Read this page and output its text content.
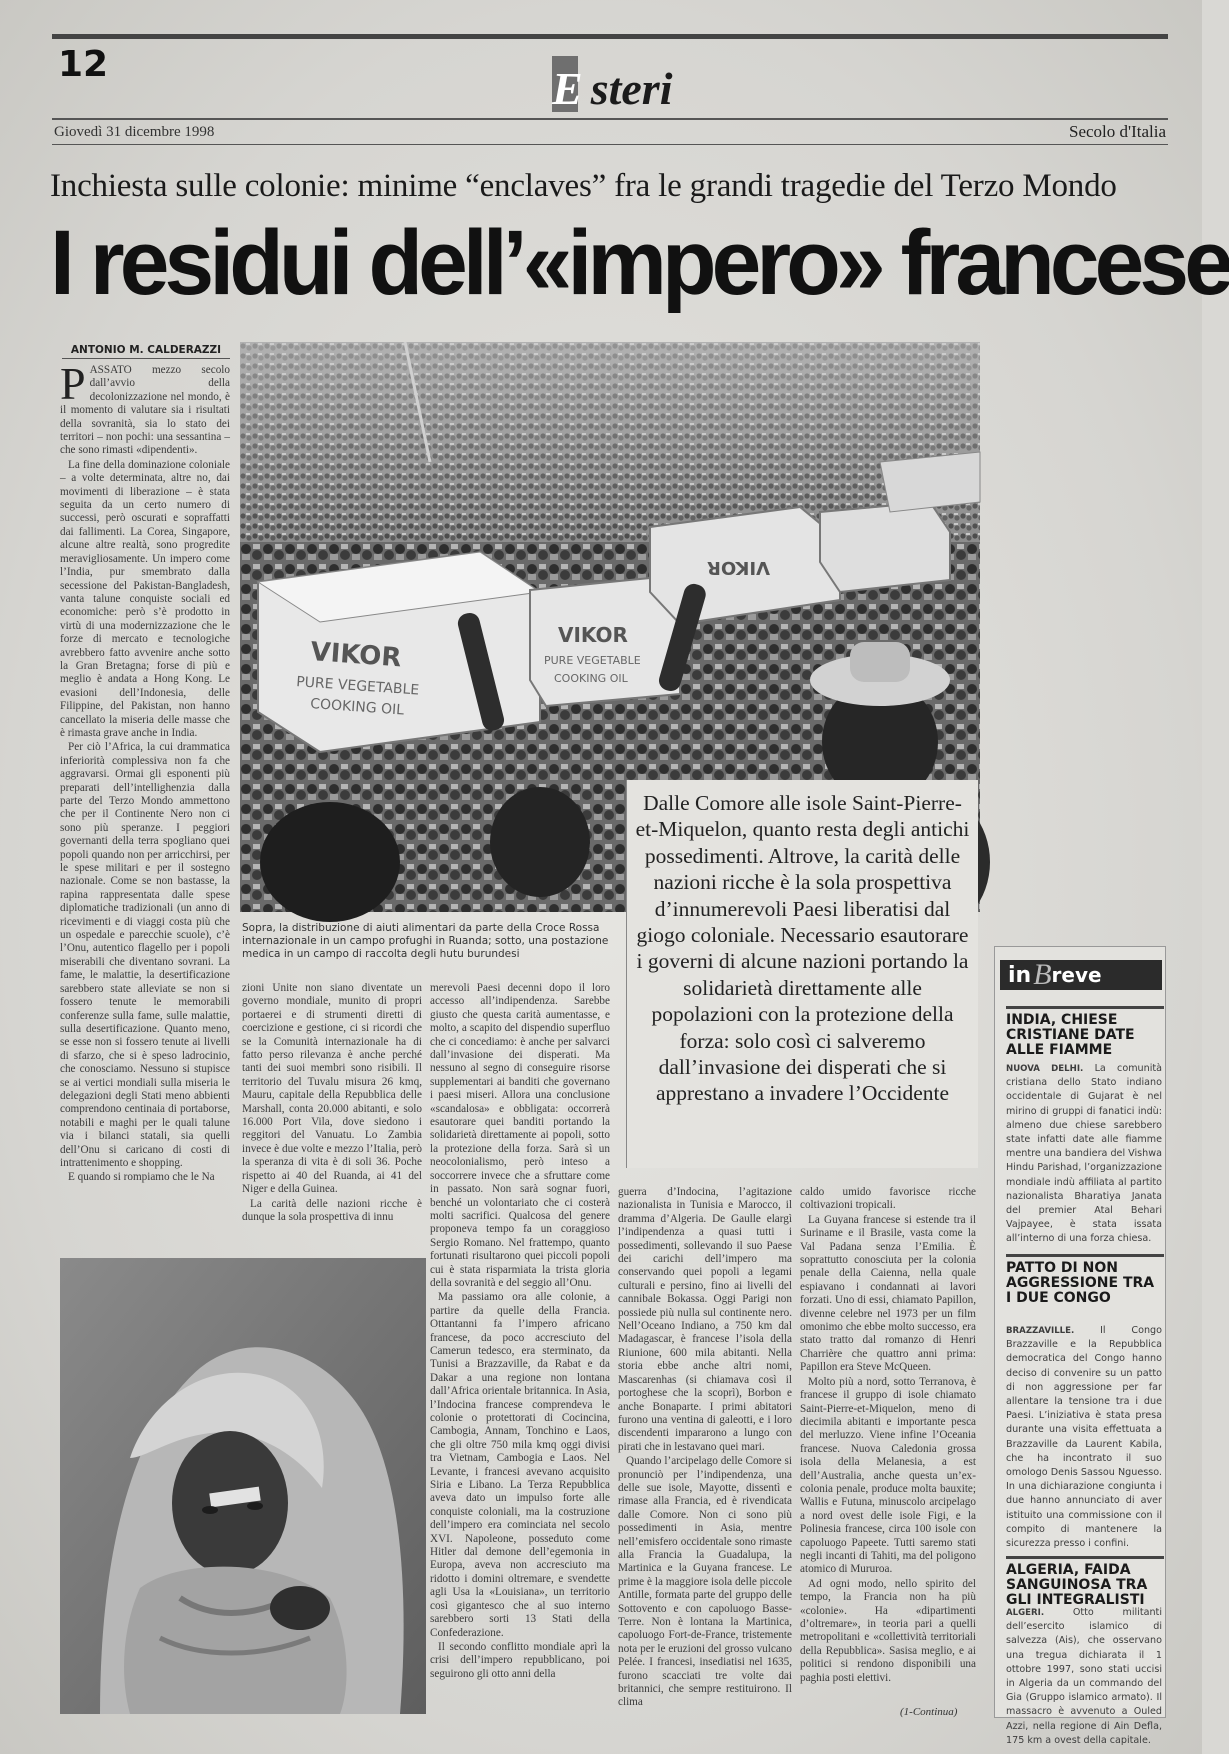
12	E steri
Giovedì 31 dicembre 1998	Secolo d'Italia
Inchiesta sulle colonie: minime “enclaves” fra le grandi tragedie del Terzo Mondo
I residui dell’«impero» francese
ANTONIO M. CALDERAZZI
P ASSATO mezzo secolo dall’avvio della decolonizzazione nel mondo, è il momento di valutare sia i risultati della sovranità, sia lo stato dei territori – non pochi: una sessantina – che sono rimasti «dipendenti».

La fine della dominazione coloniale – a volte determinata, altre no, dai movimenti di liberazione – è stata seguita da un certo numero di successi, però oscurati e sopraffatti dai fallimenti. La Corea, Singapore, alcune altre realtà, sono progredite meravigliosamente. Un impero come l’India, pur smembrato dalla secessione del Pakistan-Bangladesh, vanta talune conquiste sociali ed economiche: però s’è prodotto in virtù di una modernizzazione che le forze di mercato e tecnologiche avrebbero fatto avvenire anche sotto la Gran Bretagna; forse di più e meglio è andata a Hong Kong. Le evasioni dell’Indonesia, delle Filippine, del Pakistan, non hanno cancellato la miseria delle masse che è rimasta grave anche in India.

Per ciò l’Africa, la cui drammatica inferiorità complessiva non fa che aggravarsi. Ormai gli esponenti più preparati dell’intellighenzia dalla parte del Terzo Mondo ammettono che per il Continente Nero non ci sono più speranze. I peggiori governanti della terra spogliano quei popoli quando non per arricchirsi, per le spese militari e per il sostegno nazionale. Come se non bastasse, la rapina rappresentata dalle spese diplomatiche tradizionali (un anno di ricevimenti e di viaggi costa più che un ospedale e parecchie scuole), c’è l’Onu, autentico flagello per i popoli miserabili che diventano sovrani. La fame, le malattie, la desertificazione sarebbero state alleviate se non si fossero tenute le memorabili conferenze sulla fame, sulle malattie, sulla desertificazione. Quanto meno, se esse non si fossero tenute ai livelli di sfarzo, che si è speso ladrocinio, che conosciamo. Nessuno si stupisce se ai vertici mondiali sulla miseria le delegazioni degli Stati meno abbienti comprendono centinaia di portaborse, notabili e maghi per le quali talune via i bilanci statali, sia quelli dell’Onu si caricano di costi di intrattenimento e shopping.

E quando si rompiamo che le Na

VIKOR
PURE VEGETABLE
COOKING OIL
VIKOR
PURE VEGETABLE
COOKING OIL
VIKOR
Sopra, la distribuzione di aiuti alimentari da parte della Croce Rossa internazionale in un campo profughi in Ruanda; sotto, una postazione medica in un campo di raccolta degli hutu burundesi
Dalle Comore alle isole Saint-Pierre-et-Miquelon, quanto resta degli antichi possedimenti. Altrove, la carità delle nazioni ricche è la sola prospettiva d’innumerevoli Paesi liberatisi dal giogo coloniale. Necessario esautorare i governi di alcune nazioni portando la solidarietà direttamente alle popolazioni con la protezione della forza: solo così ci salveremo dall’invasione dei disperati che si apprestano a invadere l’Occidente

zioni Unite non siano diventate un governo mondiale, munito di propri portaerei e di strumenti diretti di coercizione e gestione, ci si ricordi che se la Comunità internazionale ha di fatto perso rilevanza è anche perché tanti dei suoi membri sono risibili. Il territorio del Tuvalu misura 26 kmq, Mauru, capitale della Repubblica delle Marshall, conta 20.000 abitanti, e solo 16.000 Port Vila, dove siedono i reggitori del Vanuatu. Lo Zambia invece è due volte e mezzo l’Italia, però la speranza di vita è di soli 36. Poche rispetto ai 40 del Ruanda, ai 41 del Niger e della Guinea.

La carità delle nazioni ricche è dunque la sola prospettiva di innu

merevoli Paesi decenni dopo il loro accesso all’indipendenza. Sarebbe giusto che questa carità aumentasse, e molto, a scapito del dispendio superfluo che ci concediamo: è anche per salvarci dall’invasione dei disperati. Ma nessuno al segno di conseguire risorse supplementari ai banditi che governano i paesi miseri. Allora una conclusione «scandalosa» e obbligata: occorrerà esautorare quei banditi portando la solidarietà direttamente ai popoli, sotto la protezione della forza. Sarà sì un neocolonialismo, però inteso a soccorrere invece che a sfruttare come in passato. Non sarà sognar fuori, benché un volontariato che ci costerà molti sacrifici. Qualcosa del genere proponeva tempo fa un coraggioso Sergio Romano. Nel frattempo, quanto fortunati risultarono quei piccoli popoli cui è stata risparmiata la trista gloria della sovranità e del seggio all’Onu.

Ma passiamo ora alle colonie, a partire da quelle della Francia. Ottantanni fa l’impero africano francese, da poco accresciuto del Camerun tedesco, era sterminato, da Tunisi a Brazzaville, da Rabat e da Dakar a una regione non lontana dall’Africa orientale britannica. In Asia, l’Indocina francese comprendeva le colonie o protettorati di Cocincina, Cambogia, Annam, Tonchino e Laos, che gli oltre 750 mila kmq oggi divisi tra Vietnam, Cambogia e Laos. Nel Levante, i francesi avevano acquisito Siria e Libano. La Terza Repubblica aveva dato un impulso forte alle conquiste coloniali, ma la costruzione dell’impero era cominciata nel secolo XVI. Napoleone, posseduto come Hitler dal demone dell’egemonia in Europa, aveva non accresciuto ma ridotto i domini oltremare, e svendette agli Usa la «Louisiana», un territorio così gigantesco che al suo interno sarebbero sorti 13 Stati della Confederazione.

Il secondo conflitto mondiale aprì la crisi dell’impero repubblicano, poi seguirono gli otto anni della

guerra d’Indocina, l’agitazione nazionalista in Tunisia e Marocco, il dramma d’Algeria. De Gaulle elargì l’indipendenza a quasi tutti i possedimenti, sollevando il suo Paese dei carichi dell’impero ma conservando quei popoli a legami culturali e persino, fino ai livelli del cannibale Bokassa. Oggi Parigi non possiede più nulla sul continente nero. Nell’Oceano Indiano, a 750 km dal Madagascar, è francese l’isola della Riunione, 600 mila abitanti. Nella storia ebbe anche altri nomi, Mascarenhas (si chiamava così il portoghese che la scoprì), Borbon e anche Bonaparte. I primi abitatori furono una ventina di galeotti, e i loro discendenti impararono a lungo con pirati che in lestavano quei mari.

Quando l’arcipelago delle Comore si pronunciò per l’indipendenza, una delle sue isole, Mayotte, dissentì e rimase alla Francia, ed è rivendicata dalle Comore. Non ci sono più possedimenti in Asia, mentre nell’emisfero occidentale sono rimaste alla Francia la Guadalupa, la Martinica e la Guyana francese. Le prime è la maggiore isola delle piccole Antille, formata parte del gruppo delle Sottovento e con capoluogo Basse-Terre. Non è lontana la Martinica, capoluogo Fort-de-France, tristemente nota per le eruzioni del grosso vulcano Pelée. I francesi, insediatisi nel 1635, furono scacciati tre volte dai britannici, che sempre restituirono. Il clima

caldo umido favorisce ricche coltivazioni tropicali.

La Guyana francese si estende tra il Suriname e il Brasile, vasta come la Val Padana senza l’Emilia. È soprattutto conosciuta per la colonia penale della Caienna, nella quale espiavano i condannati ai lavori forzati. Uno di essi, chiamato Papillon, divenne celebre nel 1973 per un film omonimo che ebbe molto successo, era stato tratto dal romanzo di Henri Charrière che quattro anni prima: Papillon era Steve McQueen.

Molto più a nord, sotto Terranova, è francese il gruppo di isole chiamato Saint-Pierre-et-Miquelon, meno di diecimila abitanti e importante pesca del merluzzo. Viene infine l’Oceania francese. Nuova Caledonia grossa isola della Melanesia, a est dell’Australia, anche questa un’ex-colonia penale, produce molta bauxite; Wallis e Futuna, minuscolo arcipelago a nord ovest delle isole Figi, e la Polinesia francese, circa 100 isole con capoluogo Papeete. Tutti saremo stati negli incanti di Tahiti, ma del poligono atomico di Mururoa.

Ad ogni modo, nello spirito del tempo, la Francia non ha più «colonie». Ha «dipartimenti d’oltremare», in teoria pari a quelli metropolitani e «collettività territoriali della Repubblica». Sasisa meglio, e ai politici si rendono disponibili una paghia posti elettivi.

(1-Continua)
in B reve
INDIA, CHIESE CRISTIANE DATE ALLE FIAMME
NUOVA DELHI. La comunità cristiana dello Stato indiano occidentale di Gujarat è nel mirino di gruppi di fanatici indù: almeno due chiese sarebbero state infatti date alle fiamme mentre una bandiera del Vishwa Hindu Parishad, l’organizzazione mondiale indù affiliata al partito nazionalista Bharatiya Janata del premier Atal Behari Vajpayee, è stata issata all’interno di una forza chiesa.
PATTO DI NON AGGRESSIONE TRA I DUE CONGO
BRAZZAVILLE. Il Congo Brazzaville e la Repubblica democratica del Congo hanno deciso di convenire su un patto di non aggressione per far allentare la tensione tra i due Paesi. L’iniziativa è stata presa durante una visita effettuata a Brazzaville da Laurent Kabila, che ha incontrato il suo omologo Denis Sassou Nguesso. In una dichiarazione congiunta i due hanno annunciato di aver istituito una commissione con il compito di mantenere la sicurezza presso i confini.
ALGERIA, FAIDA SANGUINOSA TRA GLI INTEGRALISTI
ALGERI. Otto militanti dell’esercito islamico di salvezza (Ais), che osservano una tregua dichiarata il 1 ottobre 1997, sono stati uccisi in Algeria da un commando del Gia (Gruppo islamico armato). Il massacro è avvenuto a Ouled Azzi, nella regione di Ain Defla, 175 km a ovest della capitale.
